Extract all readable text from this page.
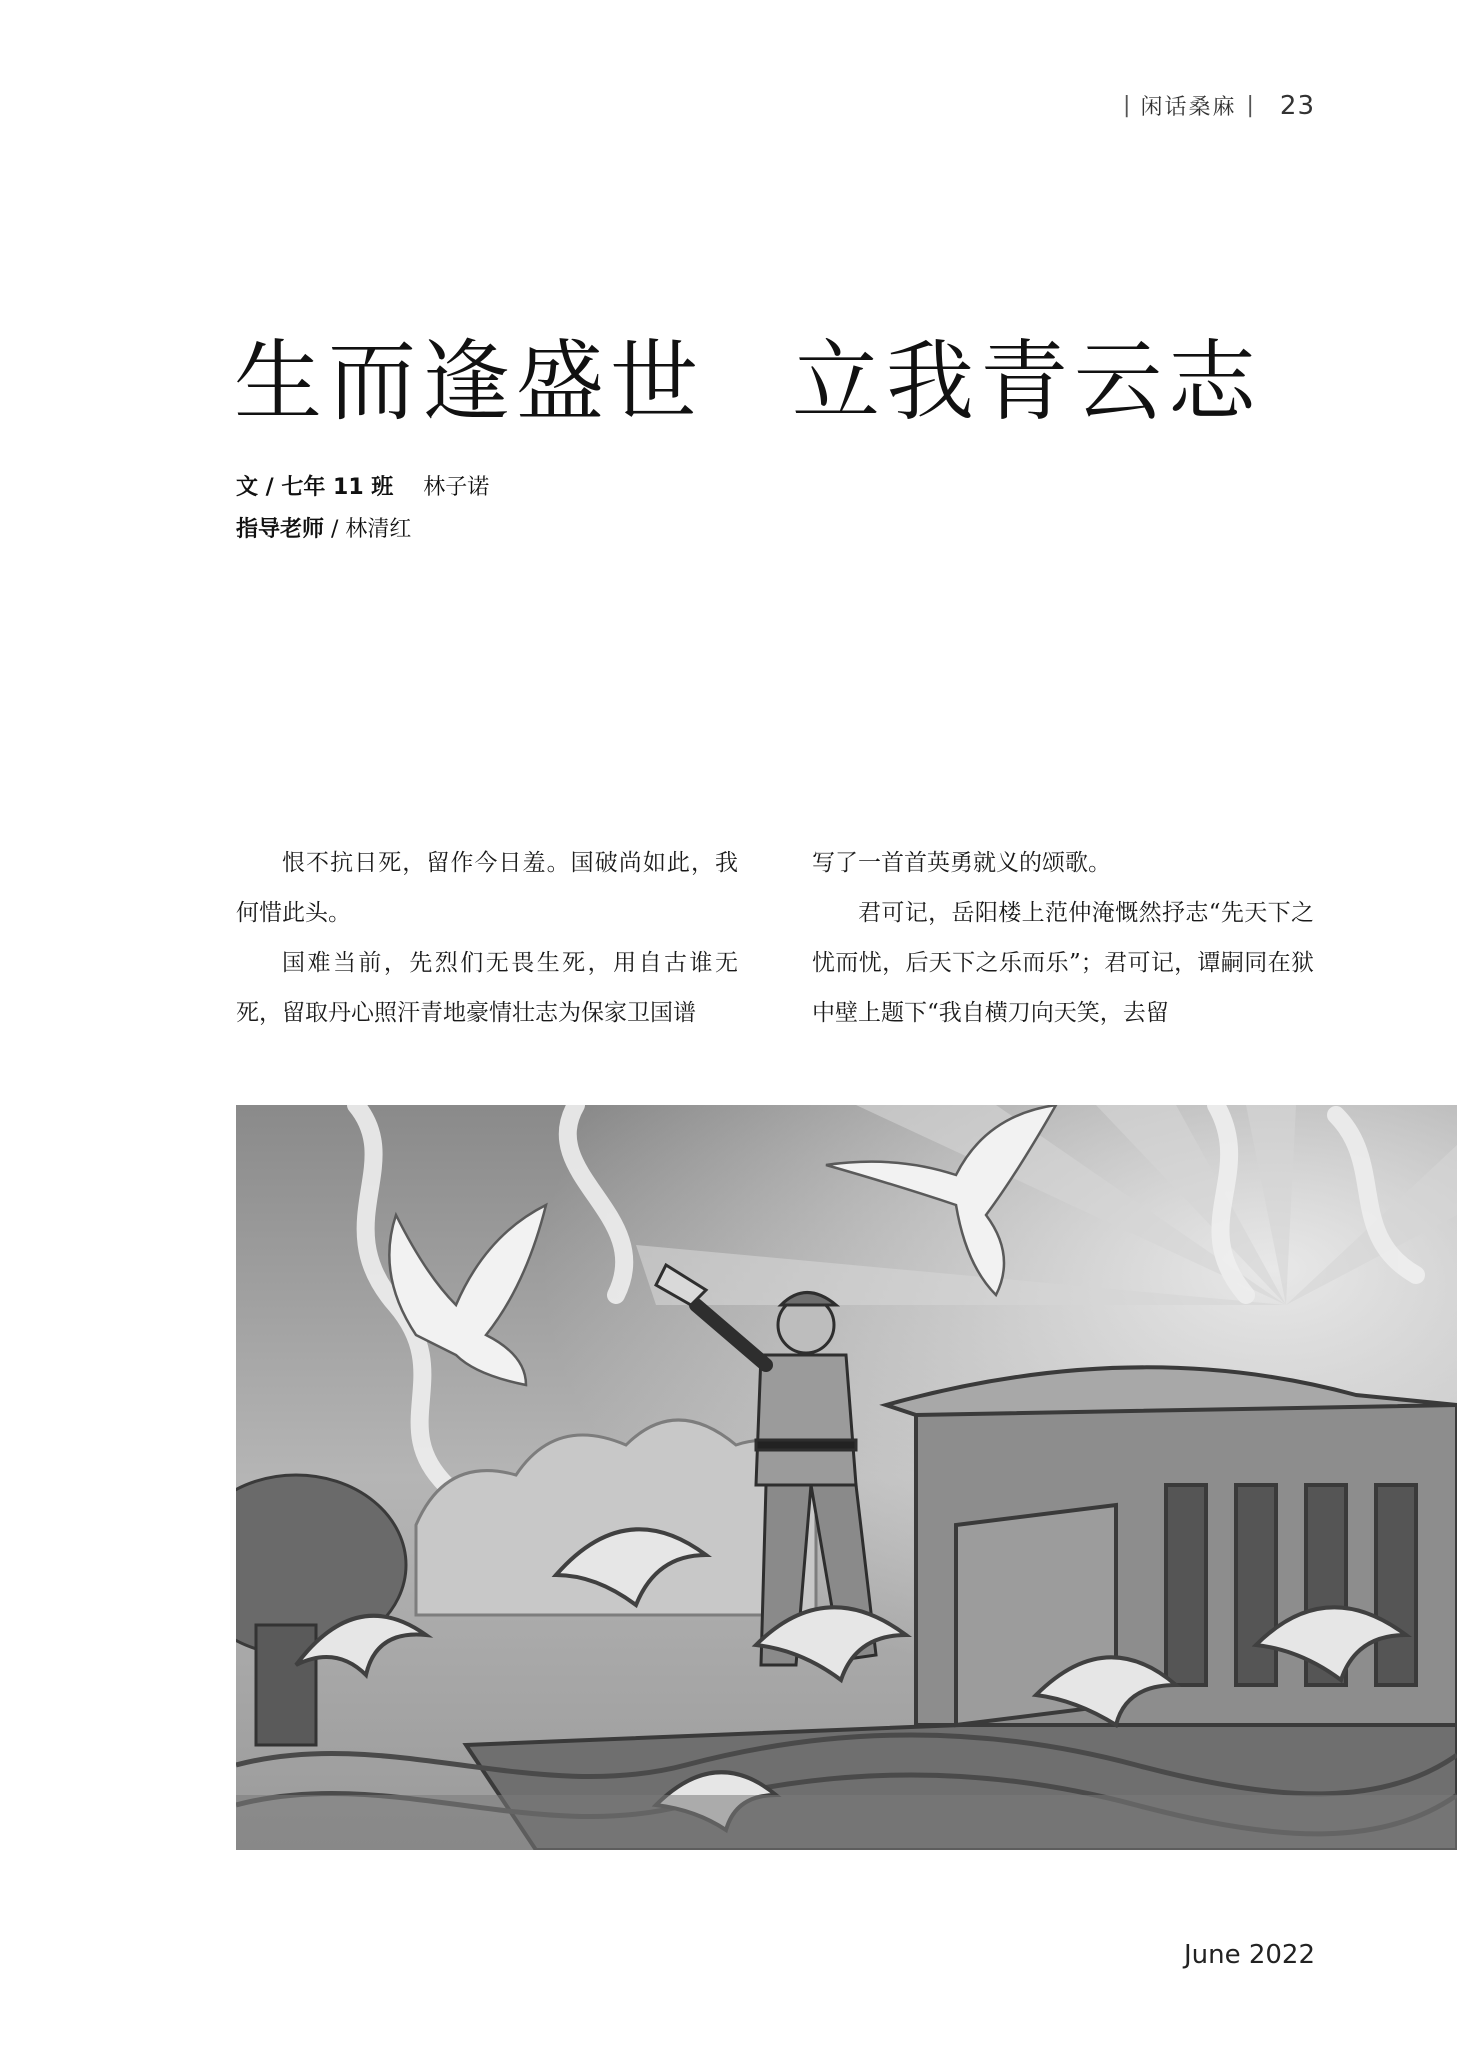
| 闲话桑麻 | 23
生而逢盛世 立我青云志
文 / 七年 11 班 林子诺
指导老师 / 林清红

恨不抗日死，留作今日羞。国破尚如此，我何惜此头。

国难当前，先烈们无畏生死，用自古谁无死，留取丹心照汗青地豪情壮志为保家卫国谱

写了一首首英勇就义的颂歌。

君可记，岳阳楼上范仲淹慨然抒志“先天下之忧而忧，后天下之乐而乐”；君可记，谭嗣同在狱中壁上题下“我自横刀向天笑，去留

June 2022
